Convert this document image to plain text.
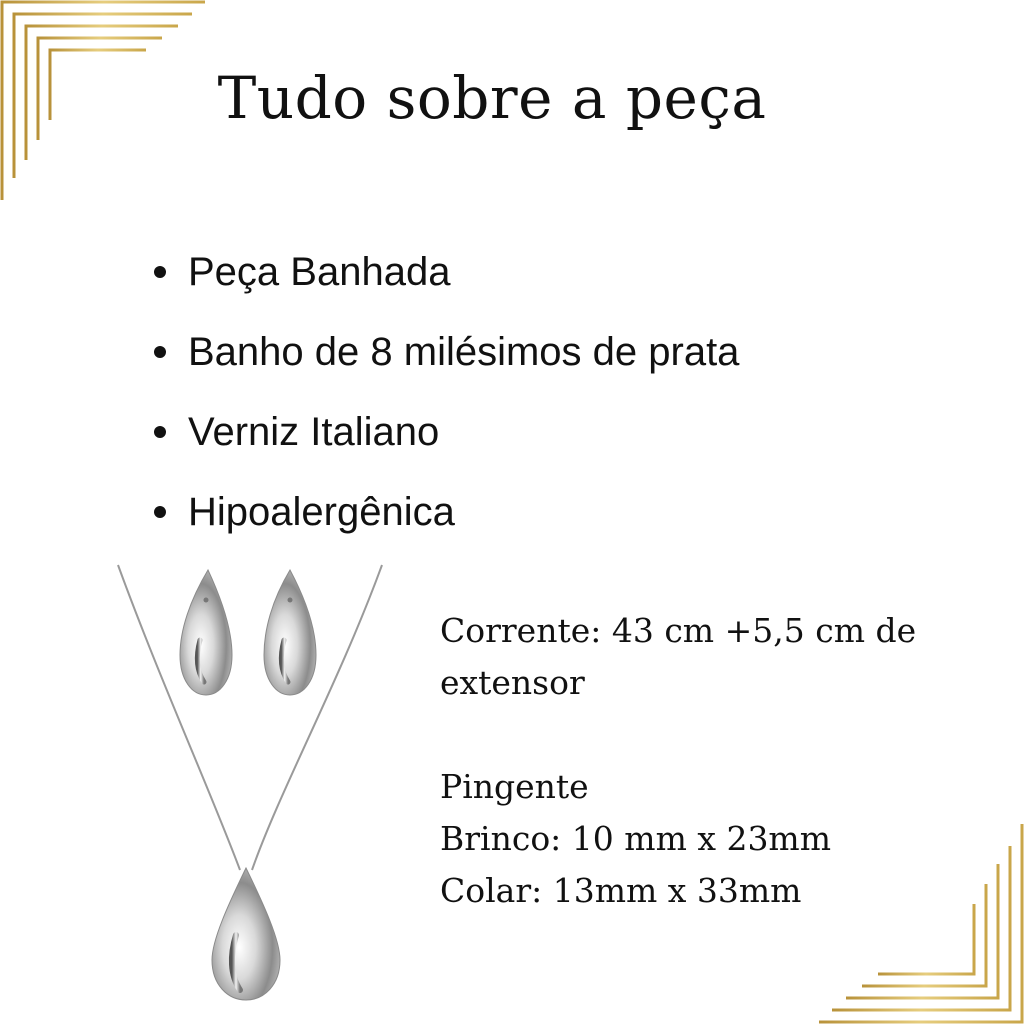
Tudo sobre a peça
Peça Banhada
Banho de 8 milésimos de prata
Verniz Italiano
Hipoalergênica
Corrente: 43 cm +5,5 cm de
extensor
Pingente
Brinco: 10 mm x 23mm
Colar: 13mm x 33mm
